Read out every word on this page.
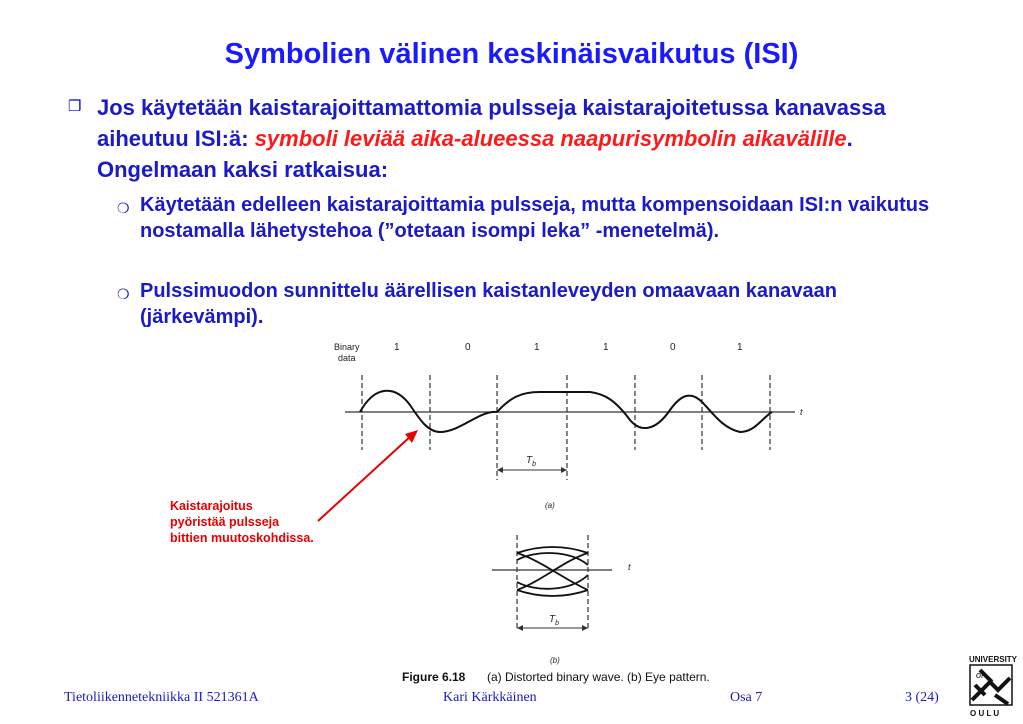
Symbolien välinen keskinäisvaikutus (ISI)
❒ Jos käytetään kaistarajoittamattomia pulsseja kaistarajoitetussa kanavassa aiheutuu ISI:ä: symboli leviää aika-alueessa naapurisymbolin aikavälille. Ongelmaan kaksi ratkaisua:
❍ Käytetään edelleen kaistarajoittamia pulsseja, mutta kompensoidaan ISI:n vaikutus nostamalla lähetystehoa (”otetaan isompi leka” -menetelmä).
❍ Pulssimuodon sunnittelu äärellisen kaistanleveyden omaavaan kanavaan (järkevämpi).
Binary
data
1	0	1	1	0	1
t
$T_b$
(a)
t
$T_b$
(b)
Figure 6.18 (a) Distorted binary wave. (b) Eye pattern.
UNIVERSITY
of
O U L U
Kaistarajoitus
pyöristää pulsseja
bittien muutoskohdissa.
Tietoliikennetekniikka II 521361A	Kari Kärkkäinen	Osa 7	3 (24)
